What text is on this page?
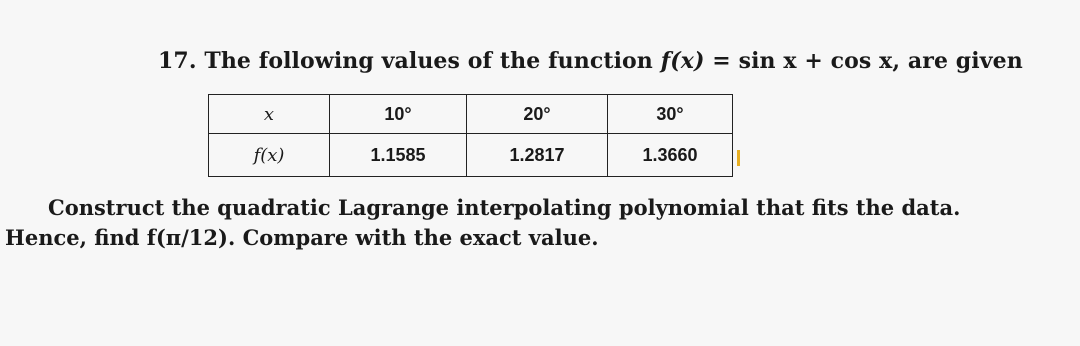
17. The following values of the function f(x) = sin x + cos x, are given
x	10°	20°	30°
f(x)	1.1585	1.2817	1.3660
Construct the quadratic Lagrange interpolating polynomial that fits the data.
Hence, find f(π/12). Compare with the exact value.
